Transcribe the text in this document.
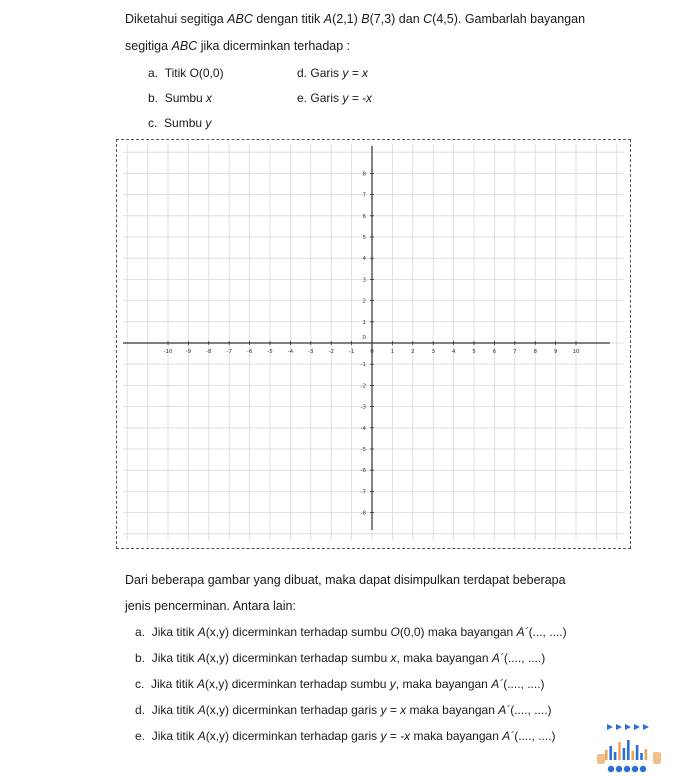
Diketahui segitiga ABC dengan titik A(2,1) B(7,3) dan C(4,5). Gambarlah bayangan
segitiga ABC jika dicerminkan terhadap :
a. Titik O(0,0)	d. Garis y = x
b. Sumbu x	e. Garis y = -x
c. Sumbu y
-10 -9	-8	-7	-6	-5	-4	-3	-2	-1	0	1	2	3	4	5	6	7	8	9	10
8
7
6
5
4
3
2
1
0
-1
-2
-3
-4
-5
-6
-7
-8
Dari beberapa gambar yang dibuat, maka dapat disimpulkan terdapat beberapa
jenis pencerminan. Antara lain:
a. Jika titik A(x,y) dicerminkan terhadap sumbu O(0,0) maka bayangan A´(..., ....)
b. Jika titik A(x,y) dicerminkan terhadap sumbu x, maka bayangan A´(...., ....)
c. Jika titik A(x,y) dicerminkan terhadap sumbu y, maka bayangan A´(...., ....)
d. Jika titik A(x,y) dicerminkan terhadap garis y = x maka bayangan A´(...., ....)
e. Jika titik A(x,y) dicerminkan terhadap garis y = -x maka bayangan A´(...., ....)
